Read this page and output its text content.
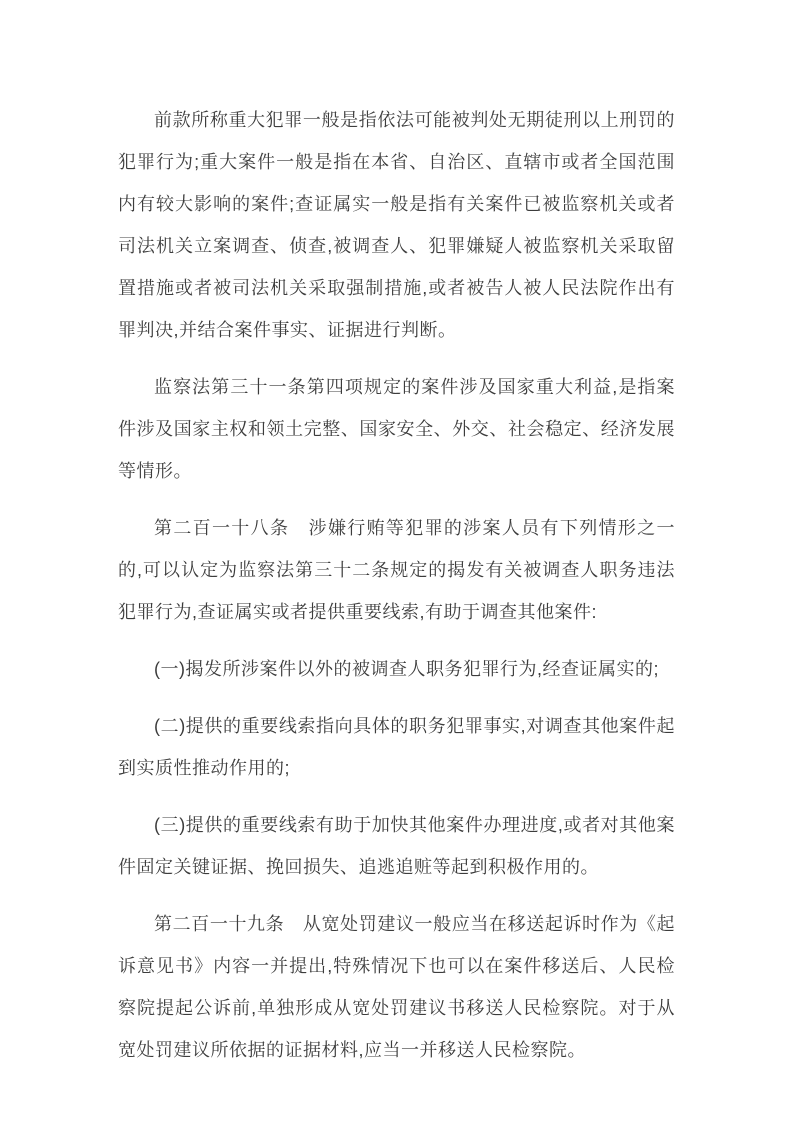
前款所称重大犯罪一般是指依法可能被判处无期徒刑以上刑罚的犯罪行为;重大案件一般是指在本省、自治区、直辖市或者全国范围内有较大影响的案件;查证属实一般是指有关案件已被监察机关或者司法机关立案调查、侦查,被调查人、犯罪嫌疑人被监察机关采取留置措施或者被司法机关采取强制措施,或者被告人被人民法院作出有罪判决,并结合案件事实、证据进行判断。

监察法第三十一条第四项规定的案件涉及国家重大利益,是指案件涉及国家主权和领土完整、国家安全、外交、社会稳定、经济发展等情形。

第二百一十八条　涉嫌行贿等犯罪的涉案人员有下列情形之一的,可以认定为监察法第三十二条规定的揭发有关被调查人职务违法犯罪行为,查证属实或者提供重要线索,有助于调查其他案件:

(一)揭发所涉案件以外的被调查人职务犯罪行为,经查证属实的;

(二)提供的重要线索指向具体的职务犯罪事实,对调查其他案件起到实质性推动作用的;

(三)提供的重要线索有助于加快其他案件办理进度,或者对其他案件固定关键证据、挽回损失、追逃追赃等起到积极作用的。

第二百一十九条　从宽处罚建议一般应当在移送起诉时作为《起诉意见书》内容一并提出,特殊情况下也可以在案件移送后、人民检察院提起公诉前,单独形成从宽处罚建议书移送人民检察院。对于从宽处罚建议所依据的证据材料,应当一并移送人民检察院。
